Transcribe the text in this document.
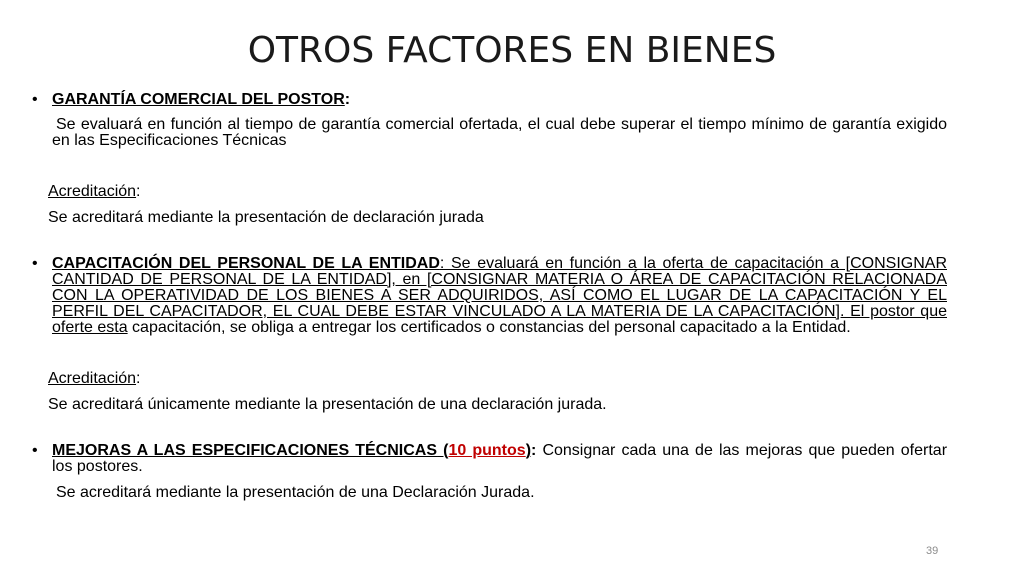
OTROS FACTORES EN BIENES
• GARANTÍA COMERCIAL DEL POSTOR:
Se evaluará en función al tiempo de garantía comercial ofertada, el cual debe superar el tiempo mínimo de garantía exigido en las Especificaciones Técnicas
Acreditación:
Se acreditará mediante la presentación de declaración jurada
• CAPACITACIÓN DEL PERSONAL DE LA ENTIDAD: Se evaluará en función a la oferta de capacitación a [CONSIGNAR CANTIDAD DE PERSONAL DE LA ENTIDAD], en [CONSIGNAR MATERIA O ÁREA DE CAPACITACIÓN RELACIONADA CON LA OPERATIVIDAD DE LOS BIENES A SER ADQUIRIDOS, ASÍ COMO EL LUGAR DE LA CAPACITACIÓN Y EL PERFIL DEL CAPACITADOR, EL CUAL DEBE ESTAR VINCULADO A LA MATERIA DE LA CAPACITACIÓN]. El postor que oferte esta capacitación, se obliga a entregar los certificados o constancias del personal capacitado a la Entidad.
Acreditación:
Se acreditará únicamente mediante la presentación de una declaración jurada.
• MEJORAS A LAS ESPECIFICACIONES TÉCNICAS (10 puntos): Consignar cada una de las mejoras que pueden ofertar los postores.
Se acreditará mediante la presentación de una Declaración Jurada.
39
